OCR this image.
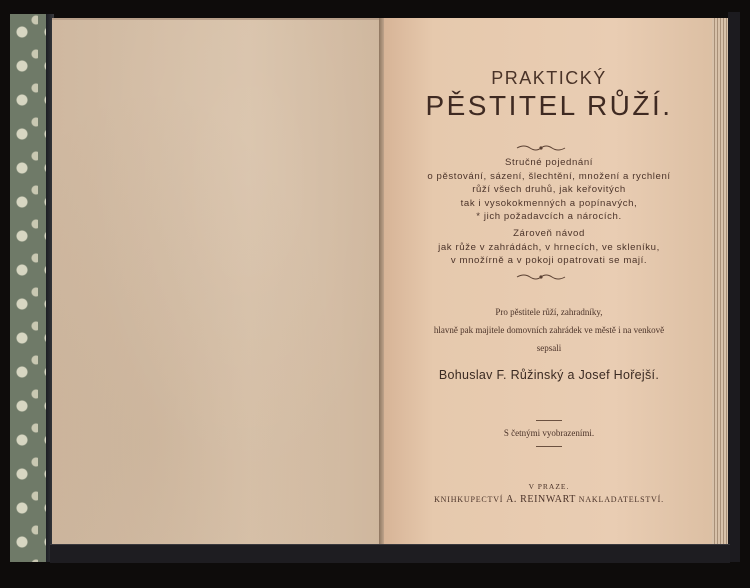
PRAKTICKÝ
PĚSTITEL RŮŽÍ.
Stručné pojednání
o pěstování, sázení, šlechtění, množení a rychlení
růží všech druhů, jak keřovitých
tak i vysokokmenných a popínavých,
* jich požadavcích a nárocích.
Zároveň návod
jak růže v zahrádách, v hrnecích, ve skleníku,
v množírně a v pokoji opatrovati se mají.
Pro pěstitele růží, zahradníky,
hlavně pak majitele domovních zahrádek ve městě i na venkově
sepsali
Bohuslav F. Růžinský a Josef Hořejší.
S četnými vyobrazeními.
V PRAZE.
KNIHKUPECTVÍ A. REINWART NAKLADATELSTVÍ.
